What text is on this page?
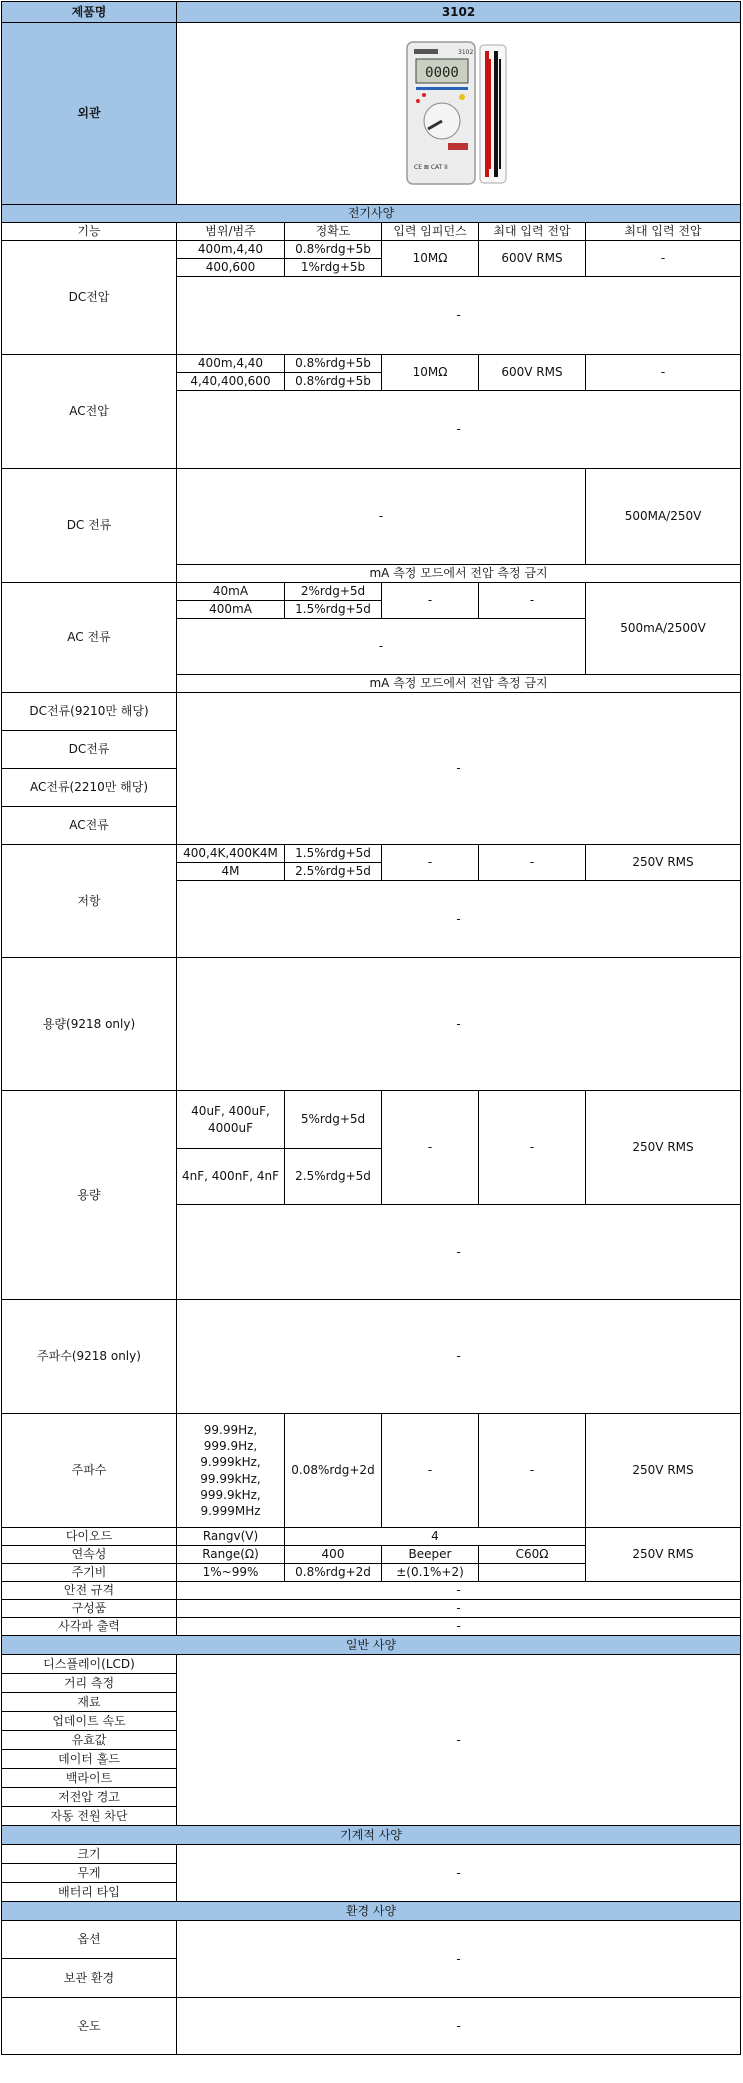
제품명	3102				
외관	3102
0000
CE ⊠ CAT II				

전기사양					
기능	범위/범주	정확도	입력 임피던스	최대 입력 전압	최대 입력 전압
DC전압	400m,4,40	0.8%rdg+5b	10MΩ	600V RMS	-
	400,600	1%rdg+5b			
	-				
AC전압	400m,4,40	0.8%rdg+5b	10MΩ	600V RMS	-
	4,40,400,600	0.8%rdg+5b			
	-				
DC 전류	-				500MA/250V
	mA 측정 모드에서 전압 측정 금지				
AC 전류	40mA	2%rdg+5d	-	-	500mA/2500V
	400mA	1.5%rdg+5d			
	-				
	mA 측정 모드에서 전압 측정 금지				
DC전류(9210만 해당)	-				
DC전류					
AC전류(2210만 해당)					
AC전류					
저항	400,4K,400K4M	1.5%rdg+5d	-	-	250V RMS
	4M	2.5%rdg+5d			
	-				
용량(9218 only)	-				
용량	40uF, 400uF, 4000uF	5%rdg+5d	-	-	250V RMS
	4nF, 400nF, 4nF	2.5%rdg+5d			
	-				
주파수(9218 only)	-				
주파수	99.99Hz, 999.9Hz, 9.999kHz, 99.99kHz, 999.9kHz, 9.999MHz	0.08%rdg+2d	-	-	250V RMS
다이오드	Rangv(V)	4			250V RMS
연속성	Range(Ω)	400	Beeper	C60Ω	
주기비	1%~99%	0.8%rdg+2d	±(0.1%+2)		
안전 규격	-				
구성품	-				
사각파 출력	-				
일반 사양					
디스플레이(LCD)	-				
거리 측정					
재료					
업데이트 속도					
유효값					
데이터 홀드					
백라이트					
저전압 경고					
자동 전원 차단					
기계적 사양					
크기	-				
무게					
배터리 타입					
환경 사양					
옵션	-				
보관 환경					
온도	-				
